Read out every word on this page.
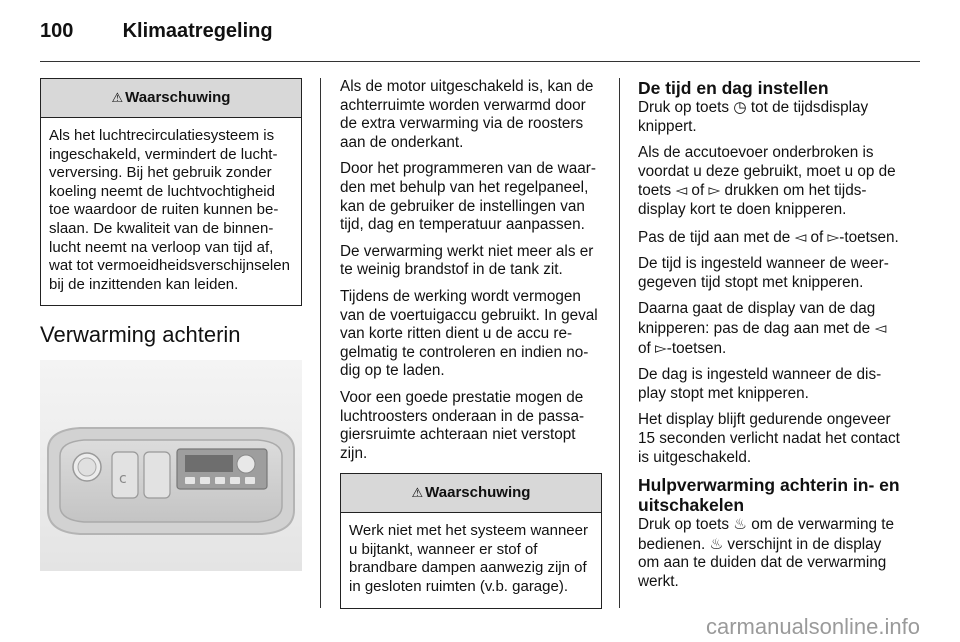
100 Klimaatregeling
⚠ Waarschuwing
Als het luchtrecirculatiesysteem is ingeschakeld, vermindert de luchtverversing. Bij het gebruik zonder koeling neemt de luchtvochtigheid toe waardoor de ruiten kunnen beslaan. De kwaliteit van de binnenlucht neemt na verloop van tijd af, wat tot vermoeidheidsverschijnselen bij de inzittenden kan leiden.
Verwarming achterin
c

Als de motor uitgeschakeld is, kan de achterruimte worden verwarmd door de extra verwarming via de roosters aan de onderkant.

Door het programmeren van de waarden met behulp van het regelpaneel, kan de gebruiker de instellingen van tijd, dag en temperatuur aanpassen.

De verwarming werkt niet meer als er te weinig brandstof in de tank zit.

Tijdens de werking wordt vermogen van de voertuigaccu gebruikt. In geval van korte ritten dient u de accu regelmatig te controleren en indien nodig op te laden.

Voor een goede prestatie mogen de luchtroosters onderaan in de passagiersruimte achteraan niet verstopt zijn.

⚠ Waarschuwing
Werk niet met het systeem wanneer u bijtankt, wanneer er stof of brandbare dampen aanwezig zijn of in gesloten ruimten (v.b. garage).
De tijd en dag instellen

Druk op toets ◷ tot de tijdsdisplay knippert.

Als de accutoevoer onderbroken is voordat u deze gebruikt, moet u op de toets ◅ of ▻ drukken om het tijdsdisplay kort te doen knipperen.

Pas de tijd aan met de ◅ of ▻-toetsen.

De tijd is ingesteld wanneer de weergegeven tijd stopt met knipperen.

Daarna gaat de display van de dag knipperen: pas de dag aan met de ◅ of ▻-toetsen.

De dag is ingesteld wanneer de display stopt met knipperen.

Het display blijft gedurende ongeveer 15 seconden verlicht nadat het contact is uitgeschakeld.

Hulpverwarming achterin in- en uitschakelen

Druk op toets ♨ om de verwarming te bedienen. ♨ verschijnt in de display om aan te duiden dat de verwarming werkt.

carmanualsonline.info
